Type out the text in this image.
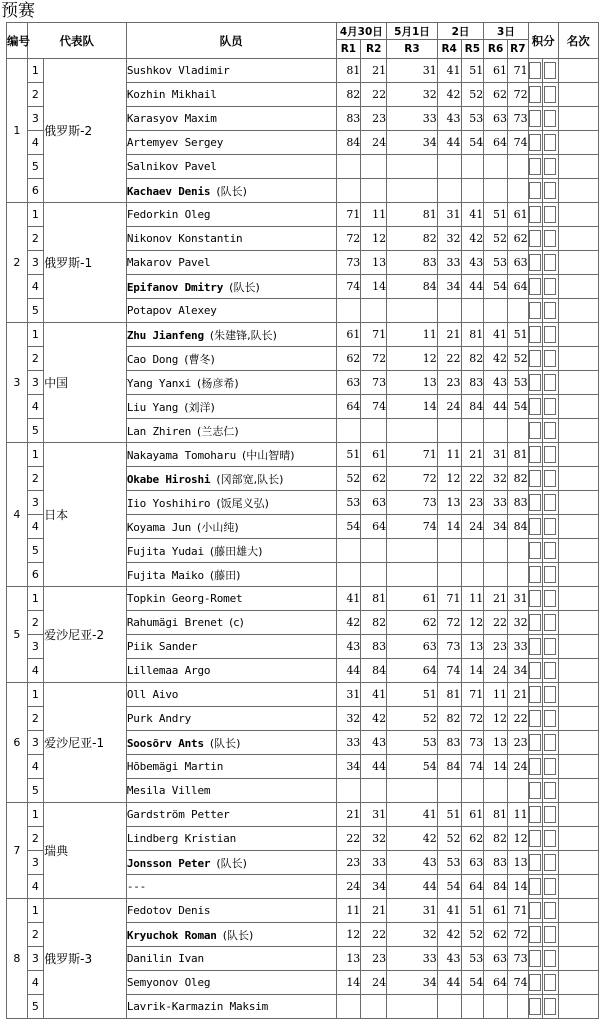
预赛
编号	代表队		队员	4月30日		5月1日	2日		3日		积分		名次
				R1	R2	R3	R4	R5	R6	R7			
1	1	俄罗斯-2	Sushkov Vladimir	81	21	31	41	51	61	71	

	2		Kozhin Mikhail	82	22	32	42	52	62	72	

	3		Karasyov Maxim	83	23	33	43	53	63	73	

	4		Artemyev Sergey	84	24	34	44	54	64	74	

	5		Salnikov Pavel								

	6		Kachaev Denis (队长)								

2	1	俄罗斯-1	Fedorkin Oleg	71	11	81	31	41	51	61	

	2		Nikonov Konstantin	72	12	82	32	42	52	62	

	3		Makarov Pavel	73	13	83	33	43	53	63	

	4		Epifanov Dmitry (队长)	74	14	84	34	44	54	64	

	5		Potapov Alexey								

3	1	中国	Zhu Jianfeng (朱建锋,队长)	61	71	11	21	81	41	51	

	2		Cao Dong (曹冬)	62	72	12	22	82	42	52	

	3		Yang Yanxi (杨彦希)	63	73	13	23	83	43	53	

	4		Liu Yang (刘洋)	64	74	14	24	84	44	54	

	5		Lan Zhiren (兰志仁)								

4	1	日本	Nakayama Tomoharu (中山智晴)	51	61	71	11	21	31	81	

	2		Okabe Hiroshi (冈部宽,队长)	52	62	72	12	22	32	82	

	3		Iio Yoshihiro (饭尾义弘)	53	63	73	13	23	33	83	

	4		Koyama Jun (小山纯)	54	64	74	14	24	34	84	

	5		Fujita Yudai (藤田雄大)								

	6		Fujita Maiko (藤田)								

5	1	爱沙尼亚-2	Topkin Georg-Romet	41	81	61	71	11	21	31	

	2		Rahumägi Brenet (c)	42	82	62	72	12	22	32	

	3		Piik Sander	43	83	63	73	13	23	33	

	4		Lillemaa Argo	44	84	64	74	14	24	34	

6	1	爱沙尼亚-1	Oll Aivo	31	41	51	81	71	11	21	

	2		Purk Andry	32	42	52	82	72	12	22	

	3		Soosõrv Ants (队长)	33	43	53	83	73	13	23	

	4		Hõbemägi Martin	34	44	54	84	74	14	24	

	5		Mesila Villem								

7	1	瑞典	Gardström Petter	21	31	41	51	61	81	11	

	2		Lindberg Kristian	22	32	42	52	62	82	12	

	3		Jonsson Peter (队长)	23	33	43	53	63	83	13	

	4		---	24	34	44	54	64	84	14	

8	1	俄罗斯-3	Fedotov Denis	11	21	31	41	51	61	71	

	2		Kryuchok Roman (队长)	12	22	32	42	52	62	72	

	3		Danilin Ivan	13	23	33	43	53	63	73	

	4		Semyonov Oleg	14	24	34	44	54	64	74	

	5		Lavrik-Karmazin Maksim								
